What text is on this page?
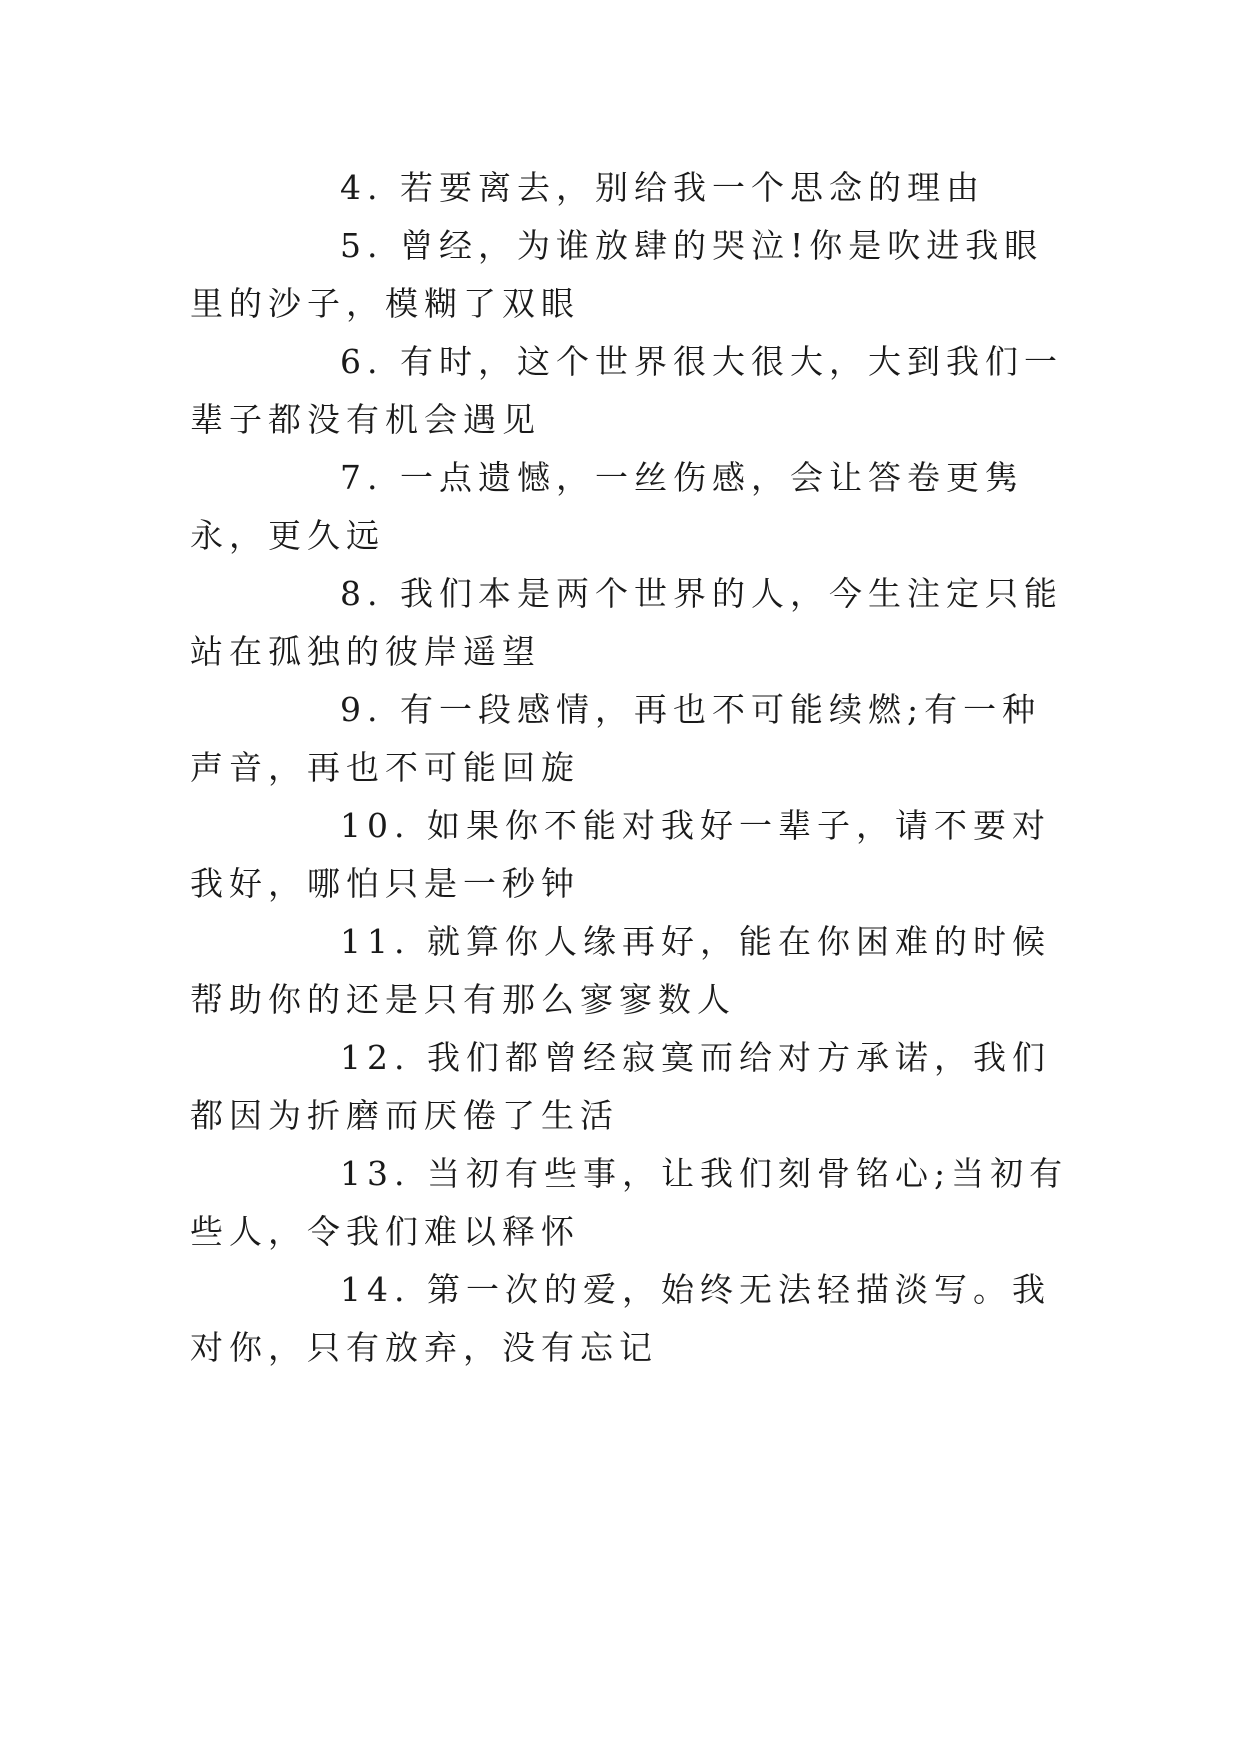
4. 若要离去，别给我一个思念的理由

5. 曾经，为谁放肆的哭泣!你是吹进我眼里的沙子，模糊了双眼

6. 有时，这个世界很大很大，大到我们一辈子都没有机会遇见

7. 一点遗憾，一丝伤感，会让答卷更隽永，更久远

8. 我们本是两个世界的人，今生注定只能站在孤独的彼岸遥望

9. 有一段感情，再也不可能续燃;有一种声音，再也不可能回旋

10. 如果你不能对我好一辈子，请不要对我好，哪怕只是一秒钟

11. 就算你人缘再好，能在你困难的时候帮助你的还是只有那么寥寥数人

12. 我们都曾经寂寞而给对方承诺，我们都因为折磨而厌倦了生活

13. 当初有些事，让我们刻骨铭心;当初有些人，令我们难以释怀

14. 第一次的爱，始终无法轻描淡写。我对你，只有放弃，没有忘记
